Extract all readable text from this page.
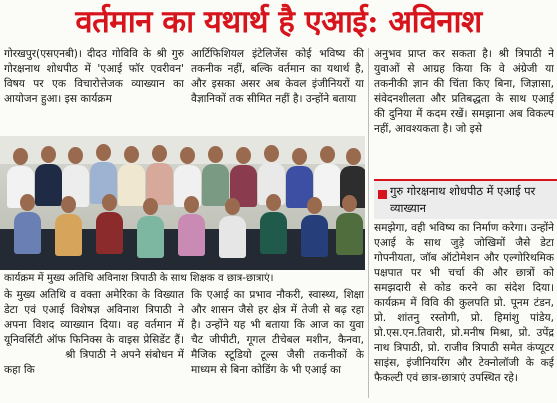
वर्तमान का यथार्थ है एआई: अविनाश

गोरखपुर(एसएनबी)। दीदउ गोविवि के श्री गुरु गोरक्षनाथ शोधपीठ में 'एआई फॉर एवरीवन' विषय पर एक विचारोत्तेजक व्याख्यान का आयोजन हुआ। इस कार्यक्रम

आर्टिफिशियल इंटेलिजेंस कोई भविष्य की तकनीक नहीं, बल्कि वर्तमान का यथार्थ है, और इसका असर अब केवल इंजीनियरों या वैज्ञानिकों तक सीमित नहीं है। उन्होंने बताया

अनुभव प्राप्त कर सकता है। श्री त्रिपाठी ने युवाओं से आग्रह किया कि वे अंग्रेजी या तकनीकी ज्ञान की चिंता किए बिना, जिज्ञासा, संवेदनशीलता और प्रतिबद्धता के साथ एआई की दुनिया में कदम रखें। समझाना अब विकल्प नहीं, आवश्यकता है। जो इसे

गुरु गोरक्षनाथ शोधपीठ में एआई पर व्याख्यान

समझेगा, वही भविष्य का निर्माण करेगा। उन्होंने एआई के साथ जुड़े जोखिमों जैसे डेटा गोपनीयता, जॉब ऑटोमेशन और एल्गोरिथमिक पक्षपात पर भी चर्चा की और छात्रों को समझदारी से कोड करने का संदेश दिया। कार्यक्रम में विवि की कुलपति प्रो. पूनम टंडन, प्रो. शांतनु रस्तोगी, प्रो. हिमांशु पांडेय, प्रो.एस.एन.तिवारी, प्रो.मनीष मिश्रा, प्रो. उपेंद्र नाथ त्रिपाठी, प्रो. राजीव त्रिपाठी समेत कंप्यूटर साइंस, इंजीनियरिंग और टेक्नोलॉजी के कई फैकल्टी एवं छात्र-छात्राएं उपस्थित रहे।

कार्यक्रम में मुख्य अतिथि अविनाश त्रिपाठी के साथ शिक्षक व छात्र-छात्राएं।

के मुख्य अतिथि व वक्ता अमेरिका के विख्यात डेटा एवं एआई विशेषज्ञ अविनाश त्रिपाठी ने अपना विशद व्याख्यान दिया। वह वर्तमान में यूनिवर्सिटी ऑफ फिनिक्स के वाइस प्रेसिडेंट हैं।              श्री त्रिपाठी ने अपने संबोधन में कहा कि

कि एआई का प्रभाव नौकरी, स्वास्थ्य, शिक्षा और शासन जैसे हर क्षेत्र में तेजी से बढ़ रहा है। उन्होंने यह भी बताया कि आज का युवा चैट जीपीटी, गूगल टीचेबल मशीन, कैनवा, मैजिक स्टूडियो टूल्स जैसी तकनीकों के माध्यम से बिना कोडिंग के भी एआई का
